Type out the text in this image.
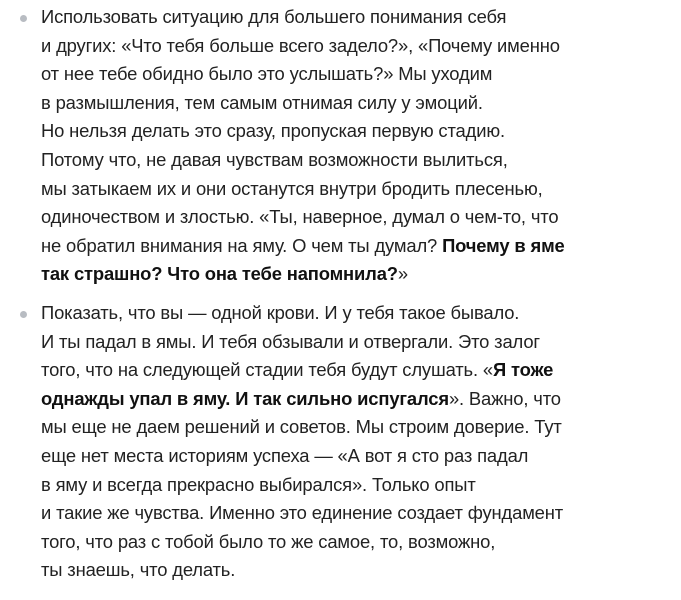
Использовать ситуацию для большего понимания себя
и других: «Что тебя больше всего задело?», «Почему именно
от нее тебе обидно было это услышать?» Мы уходим
в размышления, тем самым отнимая силу у эмоций.
Но нельзя делать это сразу, пропуская первую стадию.
Потому что, не давая чувствам возможности вылиться,
мы затыкаем их и они останутся внутри бродить плесенью,
одиночеством и злостью. «Ты, наверное, думал о чем-то, что
не обратил внимания на яму. О чем ты думал? Почему в яме
так страшно? Что она тебе напомнила?»

Показать, что вы — одной крови. И у тебя такое бывало.
И ты падал в ямы. И тебя обзывали и отвергали. Это залог
того, что на следующей стадии тебя будут слушать. «Я тоже
однажды упал в яму. И так сильно испугался». Важно, что
мы еще не даем решений и советов. Мы строим доверие. Тут
еще нет места историям успеха — «А вот я сто раз падал
в яму и всегда прекрасно выбирался». Только опыт
и такие же чувства. Именно это единение создает фундамент
того, что раз с тобой было то же самое, то, возможно,
ты знаешь, что делать.
